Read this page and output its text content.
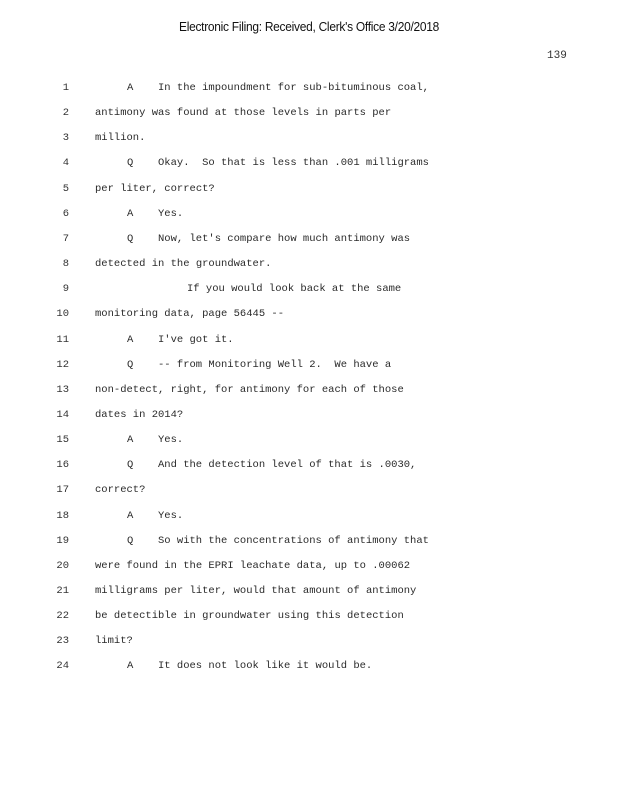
Electronic Filing: Received, Clerk's Office 3/20/2018
139
1	A In the impoundment for sub-bituminous coal,
2 antimony was found at those levels in parts per
3 million.
4	Q Okay.  So that is less than .001 milligrams
5 per liter, correct?
6	A Yes.
7	Q Now, let's compare how much antimony was
8 detected in the groundwater.
9	If you would look back at the same
10 monitoring data, page 56445 --
11	A I've got it.
12	Q -- from Monitoring Well 2.  We have a
13 non-detect, right, for antimony for each of those
14 dates in 2014?
15	A Yes.
16	Q And the detection level of that is .0030,
17 correct?
18	A Yes.
19	Q So with the concentrations of antimony that
20 were found in the EPRI leachate data, up to .00062
21 milligrams per liter, would that amount of antimony
22 be detectible in groundwater using this detection
23 limit?
24	A It does not look like it would be.
